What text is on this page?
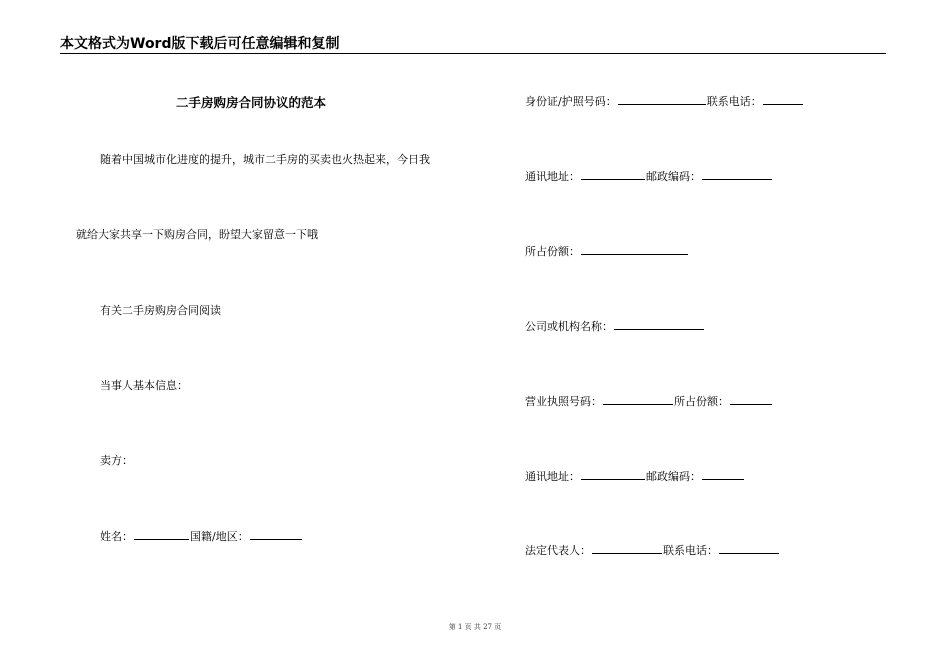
本文格式为Word版下载后可任意编辑和复制
二手房购房合同协议的范本
随着中国城市化进度的提升，城市二手房的买卖也火热起来，今日我
就给大家共享一下购房合同，盼望大家留意一下哦
有关二手房购房合同阅读
当事人基本信息：
卖方：
姓名：	国籍/地区：
身份证/护照号码：	联系电话：
通讯地址：	邮政编码：
所占份额：
公司或机构名称：
营业执照号码：	所占份额：
通讯地址：	邮政编码：
法定代表人：	联系电话：
第 1 页 共 27 页
